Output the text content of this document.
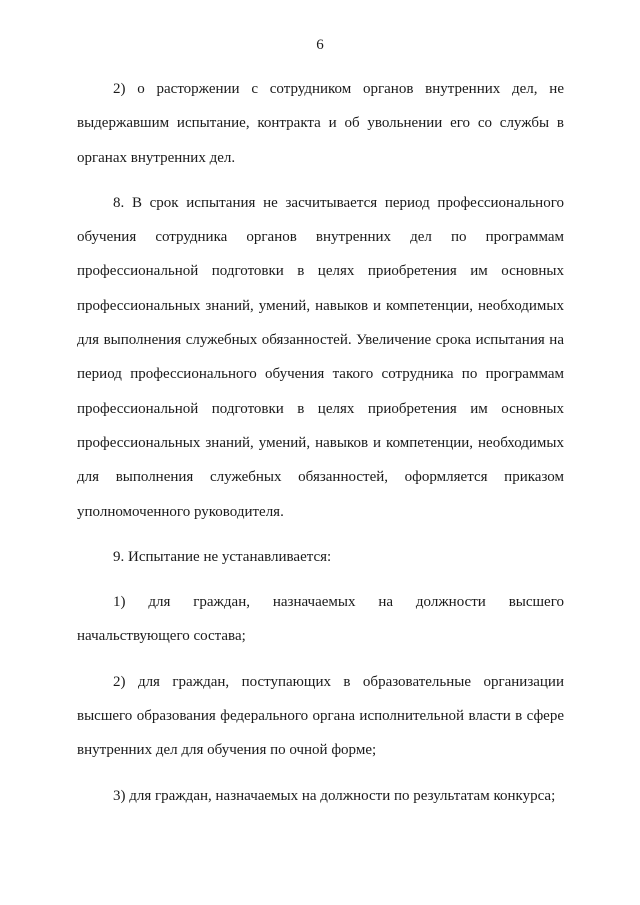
6

2) о расторжении с сотрудником органов внутренних дел, не выдержавшим испытание, контракта и об увольнении его со службы в органах внутренних дел.

8. В срок испытания не засчитывается период профессионального обучения сотрудника органов внутренних дел по программам профессиональной подготовки в целях приобретения им основных профессиональных знаний, умений, навыков и компетенции, необходимых для выполнения служебных обязанностей. Увеличение срока испытания на период профессионального обучения такого сотрудника по программам профессиональной подготовки в целях приобретения им основных профессиональных знаний, умений, навыков и компетенции, необходимых для выполнения служебных обязанностей, оформляется приказом уполномоченного руководителя.

9. Испытание не устанавливается:

1) для граждан, назначаемых на должности высшего начальствующего состава;

2) для граждан, поступающих в образовательные организации высшего образования федерального органа исполнительной власти в сфере внутренних дел для обучения по очной форме;

3) для граждан, назначаемых на должности по результатам конкурса;
